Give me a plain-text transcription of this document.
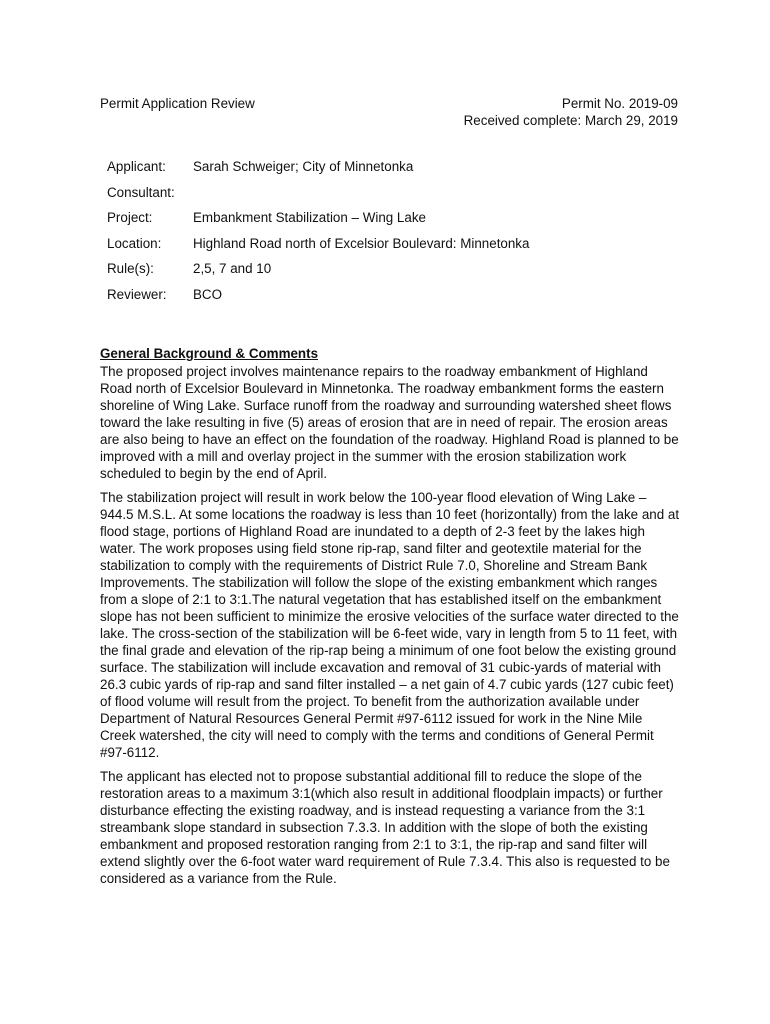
Permit Application Review	Permit No. 2019-09
Received complete: March 29, 2019
Applicant:	Sarah Schweiger; City of Minnetonka
Consultant:
Project:	Embankment Stabilization – Wing Lake
Location:	Highland Road north of Excelsior Boulevard: Minnetonka
Rule(s):	2,5, 7 and 10
Reviewer:	BCO
General Background & Comments

The proposed project involves maintenance repairs to the roadway embankment of Highland Road north of Excelsior Boulevard in Minnetonka. The roadway embankment forms the eastern shoreline of Wing Lake. Surface runoff from the roadway and surrounding watershed sheet flows toward the lake resulting in five (5) areas of erosion that are in need of repair. The erosion areas are also being to have an effect on the foundation of the roadway. Highland Road is planned to be improved with a mill and overlay project in the summer with the erosion stabilization work scheduled to begin by the end of April.

The stabilization project will result in work below the 100-year flood elevation of Wing Lake – 944.5 M.S.L. At some locations the roadway is less than 10 feet (horizontally) from the lake and at flood stage, portions of Highland Road are inundated to a depth of 2-3 feet by the lakes high water. The work proposes using field stone rip-rap, sand filter and geotextile material for the stabilization to comply with the requirements of District Rule 7.0, Shoreline and Stream Bank Improvements. The stabilization will follow the slope of the existing embankment which ranges from a slope of 2:1 to 3:1.The natural vegetation that has established itself on the embankment slope has not been sufficient to minimize the erosive velocities of the surface water directed to the lake. The cross-section of the stabilization will be 6-feet wide, vary in length from 5 to 11 feet, with the final grade and elevation of the rip-rap being a minimum of one foot below the existing ground surface. The stabilization will include excavation and removal of 31 cubic-yards of material with 26.3 cubic yards of rip-rap and sand filter installed – a net gain of 4.7 cubic yards (127 cubic feet) of flood volume will result from the project. To benefit from the authorization available under Department of Natural Resources General Permit #97-6112 issued for work in the Nine Mile Creek watershed, the city will need to comply with the terms and conditions of General Permit #97-6112.

The applicant has elected not to propose substantial additional fill to reduce the slope of the restoration areas to a maximum 3:1(which also result in additional floodplain impacts) or further disturbance effecting the existing roadway, and is instead requesting a variance from the 3:1 streambank slope standard in subsection 7.3.3. In addition with the slope of both the existing embankment and proposed restoration ranging from 2:1 to 3:1, the rip-rap and sand filter will extend slightly over the 6-foot water ward requirement of Rule 7.3.4. This also is requested to be considered as a variance from the Rule.
